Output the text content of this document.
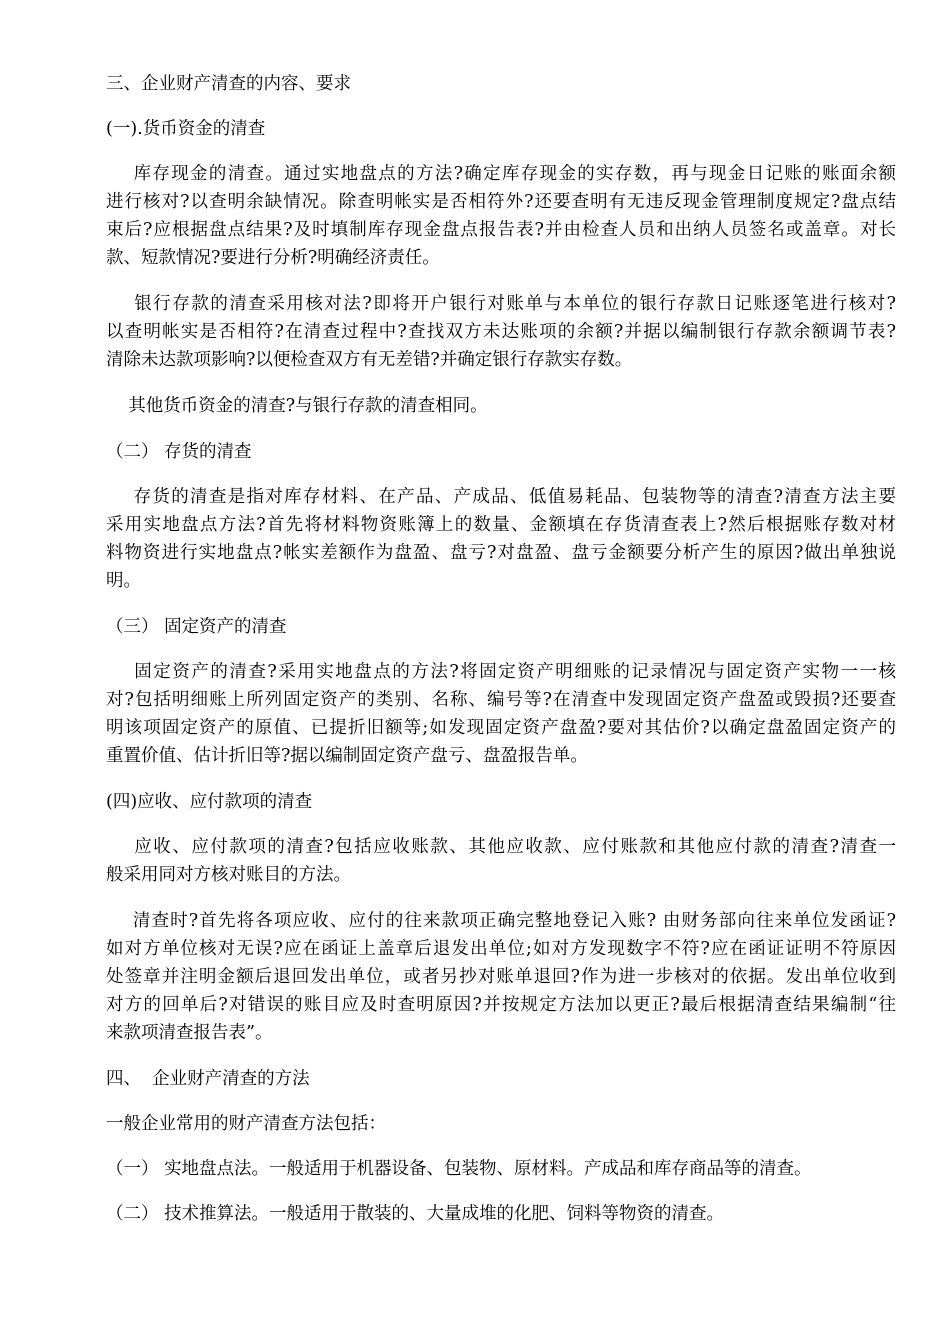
三、企业财产清查的内容、要求
(一).货币资金的清查
库存现金的清查。通过实地盘点的方法?确定库存现金的实存数，再与现金日记账的账面余额
进行核对?以查明余缺情况。除查明帐实是否相符外?还要查明有无违反现金管理制度规定?盘点结
束后?应根据盘点结果?及时填制库存现金盘点报告表?并由检查人员和出纳人员签名或盖章。对长
款、短款情况?要进行分析?明确经济责任。
银行存款的清查采用核对法?即将开户银行对账单与本单位的银行存款日记账逐笔进行核对?
以查明帐实是否相符?在清查过程中?查找双方未达账项的余额?并据以编制银行存款余额调节表?
清除未达款项影响?以便检查双方有无差错?并确定银行存款实存数。
其他货币资金的清查?与银行存款的清查相同。
（二） 存货的清查
存货的清查是指对库存材料、在产品、产成品、低值易耗品、包装物等的清查?清查方法主要
采用实地盘点方法?首先将材料物资账簿上的数量、金额填在存货清查表上?然后根据账存数对材
料物资进行实地盘点?帐实差额作为盘盈、盘亏?对盘盈、盘亏金额要分析产生的原因?做出单独说
明。
（三） 固定资产的清查
固定资产的清查?采用实地盘点的方法?将固定资产明细账的记录情况与固定资产实物一一核
对?包括明细账上所列固定资产的类别、名称、编号等?在清查中发现固定资产盘盈或毁损?还要查
明该项固定资产的原值、已提折旧额等;如发现固定资产盘盈?要对其估价?以确定盘盈固定资产的
重置价值、估计折旧等?据以编制固定资产盘亏、盘盈报告单。
(四)应收、应付款项的清查
应收、应付款项的清查?包括应收账款、其他应收款、应付账款和其他应付款的清查?清查一
般采用同对方核对账目的方法。
清查时?首先将各项应收、应付的往来款项正确完整地登记入账? 由财务部向往来单位发函证?
如对方单位核对无误?应在函证上盖章后退发出单位;如对方发现数字不符?应在函证证明不符原因
处签章并注明金额后退回发出单位，或者另抄对账单退回?作为进一步核对的依据。发出单位收到
对方的回单后?对错误的账目应及时查明原因?并按规定方法加以更正?最后根据清查结果编制“往
来款项清查报告表”。
四、  企业财产清查的方法
一般企业常用的财产清查方法包括：
（一） 实地盘点法。一般适用于机器设备、包装物、原材料。产成品和库存商品等的清查。
（二） 技术推算法。一般适用于散装的、大量成堆的化肥、饲料等物资的清查。
